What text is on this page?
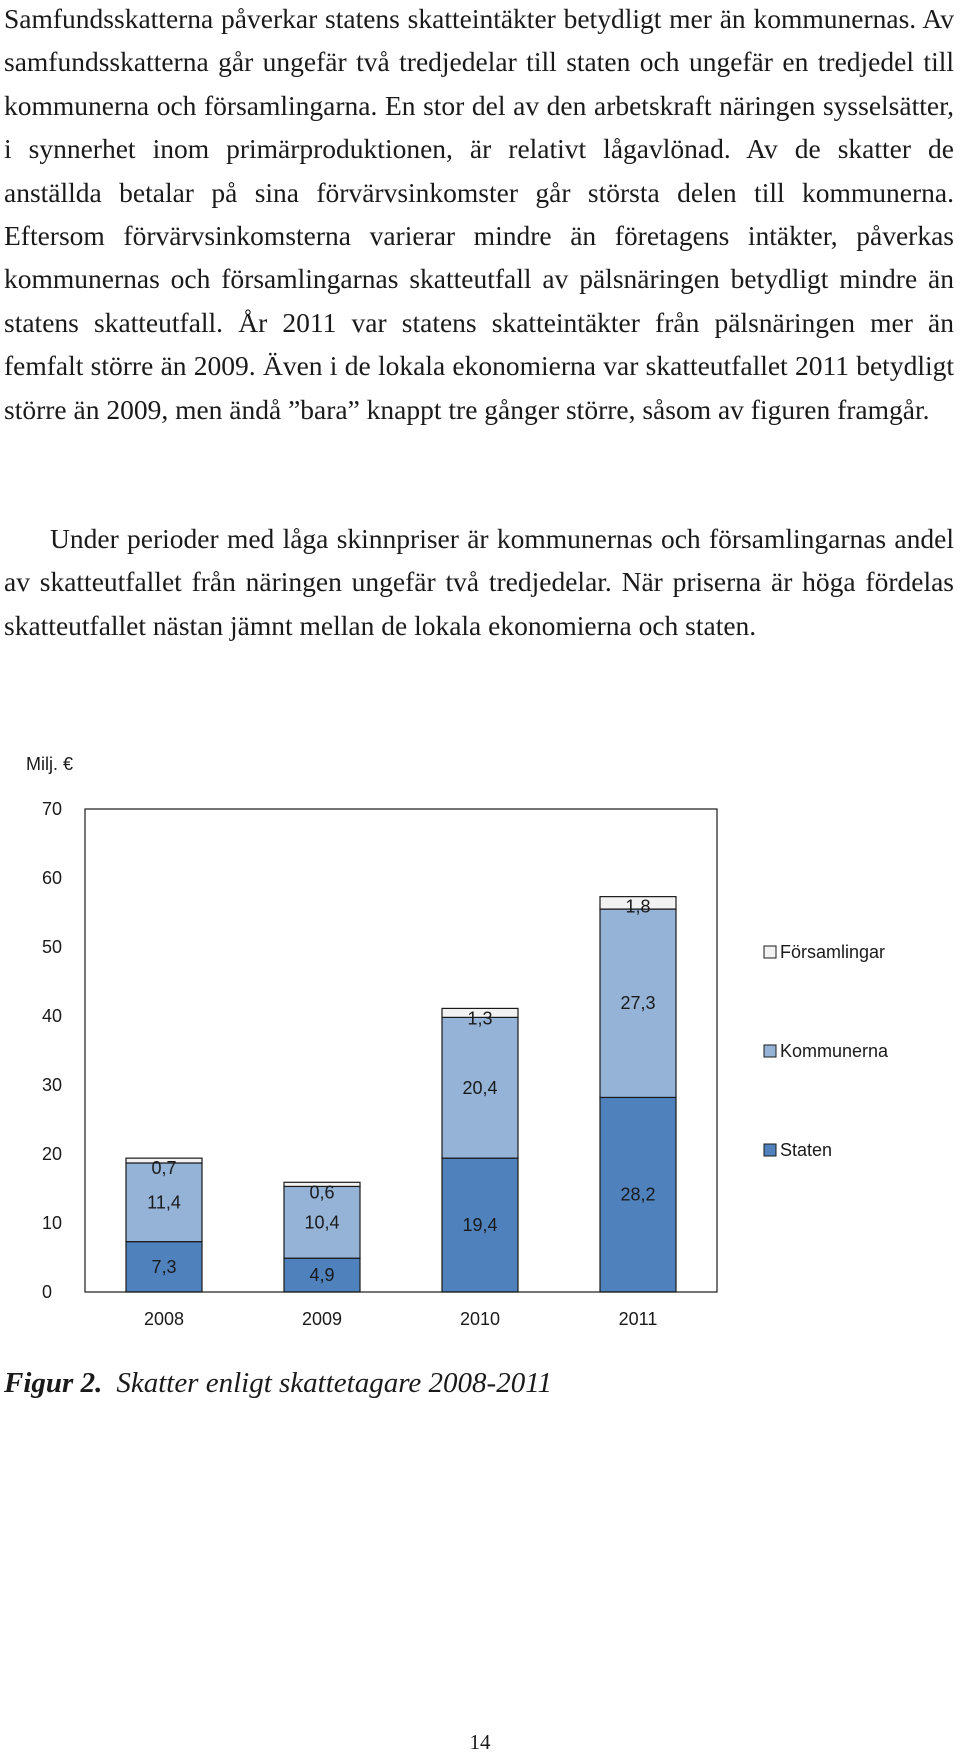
Samfundsskatterna påverkar statens skatteintäkter betydligt mer än kommunernas. Av samfundsskatterna går ungefär två tredjedelar till staten och ungefär en tredjedel till kommunerna och församlingarna. En stor del av den arbetskraft näringen sysselsätter, i synnerhet inom primärproduktionen, är relativt lågavlönad. Av de skatter de anställda betalar på sina förvärvsinkomster går största delen till kommunerna. Eftersom förvärvsinkomsterna varierar mindre än företagens intäkter, påverkas kommunernas och församlingarnas skatteutfall av pälsnäringen betydligt mindre än statens skatteutfall. År 2011 var statens skatteintäkter från pälsnäringen mer än femfalt större än 2009. Även i de lokala ekonomierna var skatteutfallet 2011 betydligt större än 2009, men ändå ”bara” knappt tre gånger större, såsom av figuren framgår.

Under perioder med låga skinnpriser är kommunernas och församlingarnas andel av skatteutfallet från näringen ungefär två tredjedelar. När priserna är höga fördelas skatteutfallet nästan jämnt mellan de lokala ekonomierna och staten.

Milj. €
0
10
20
30
40
50
60
70
7,3
11,4
0,7
4,9
10,4
0,6
19,4
20,4
1,3
28,2
27,3
1,8
2008	2009	2010	2011
Församlingar
Kommunerna
Staten
Figur 2. Skatter enligt skattetagare 2008-2011
14
